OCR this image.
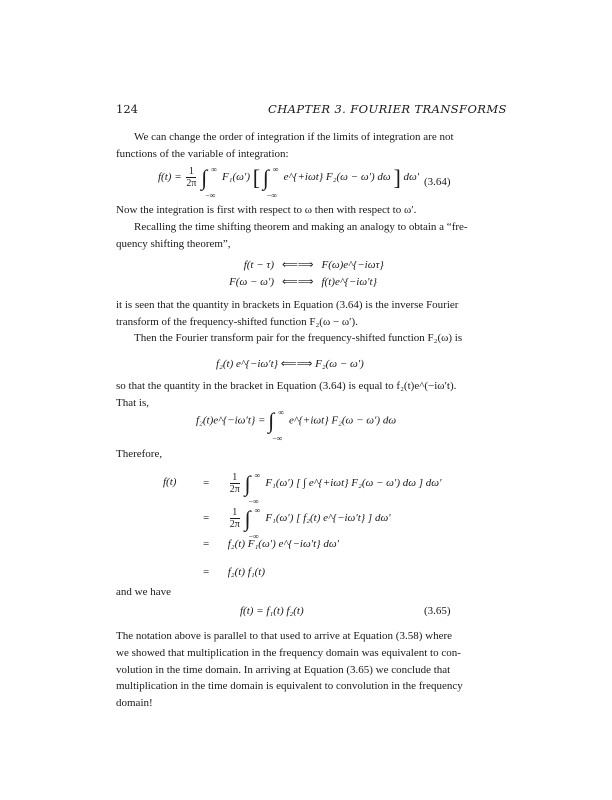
124	CHAPTER 3. FOURIER TRANSFORMS
We can change the order of integration if the limits of integration are not
functions of the variable of integration:
$f(t) = \frac{1}{2\pi}$ ∫ ∞
−∞
F₁(ω′) [ ∫ ∞
−∞
e^{+iωt} F₂(ω − ω′) dω ] dω′ (3.64)
Now the integration is first with respect to ω then with respect to ω′.
Recalling the time shifting theorem and making an analogy to obtain a “fre-
quency shifting theorem”,
f(t − τ) ⟸⟹ F(ω)e^{−iωτ}
F(ω − ω′) ⟸⟹ f(t)e^{−iω′t}
it is seen that the quantity in brackets in Equation (3.64) is the inverse Fourier
transform of the frequency-shifted function F₂(ω − ω′).
Then the Fourier transform pair for the frequency-shifted function F₂(ω) is
f₂(t) e^{−iω′t} ⟸⟹ F₂(ω − ω′)
so that the quantity in the bracket in Equation (3.64) is equal to f₂(t)e^(−iω′t).
That is,
f₂(t)e^{−iω′t} = ∫ ∞
−∞
e^{+iωt} F₂(ω − ω′) dω
Therefore,
$f(t) = \frac{1}{2\pi}$ ∫ ∞
−∞
F₁(ω′) [ ∫ e^{+iωt} F₂(ω − ω′) dω ] dω′
= $\frac{1}{2\pi}$ ∫ ∞
−∞
F₁(ω′) [ f₂(t) e^{−iω′t} ] dω′
= f₂(t) F₁(ω′) e^{−iω′t} dω′
= f₂(t) f₁(t)
and we have
f(t) = f₁(t) f₂(t)	(3.65)
The notation above is parallel to that used to arrive at Equation (3.58) where
we showed that multiplication in the frequency domain was equivalent to con-
volution in the time domain. In arriving at Equation (3.65) we conclude that
multiplication in the time domain is equivalent to convolution in the frequency
domain!
